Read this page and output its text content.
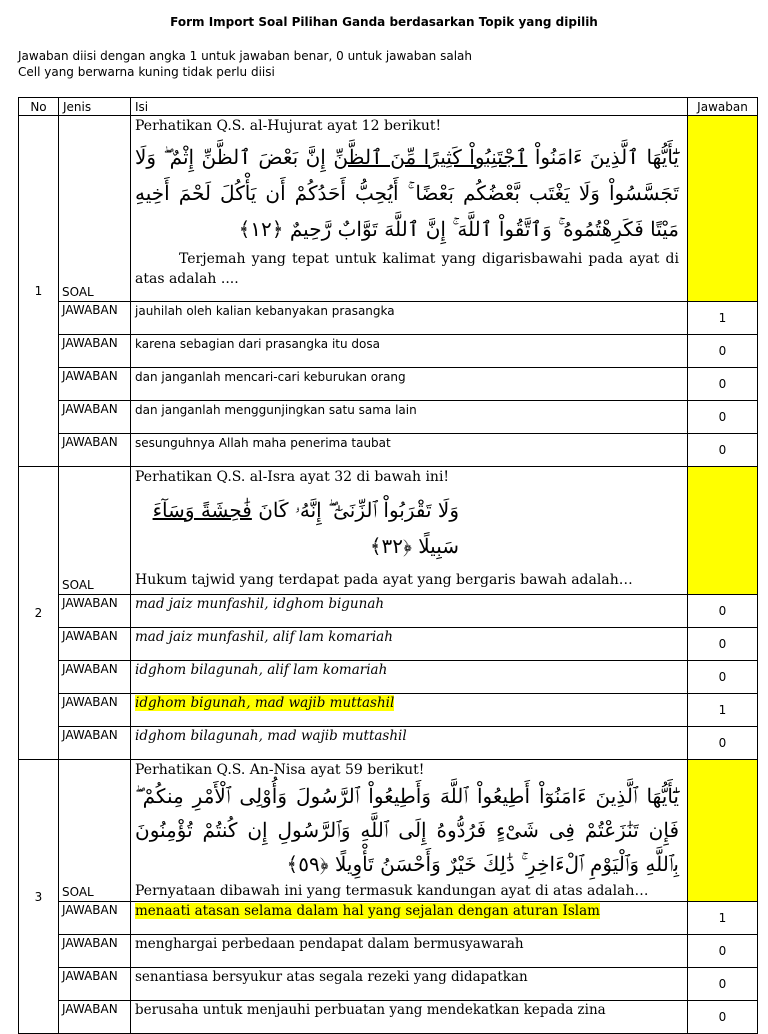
Form Import Soal Pilihan Ganda berdasarkan Topik yang dipilih
Jawaban diisi dengan angka 1 untuk jawaban benar, 0 untuk jawaban salah
Cell yang berwarna kuning tidak perlu diisi
No	Jenis	Isi	Jawaban
1	SOAL	Perhatikan Q.S. al-Hujurat ayat 12 berikut!
يَٰٓأَيُّهَا ٱلَّذِينَ ءَامَنُواْ ٱجْتَنِبُواْ كَثِيرًا مِّنَ ٱلظَّنِّ إِنَّ بَعْضَ ٱلظَّنِّ إِثْمٌ ۖ وَلَا تَجَسَّسُواْ وَلَا يَغْتَب بَّعْضُكُم بَعْضًا ۚ أَيُحِبُّ أَحَدُكُمْ أَن يَأْكُلَ لَحْمَ أَخِيهِ مَيْتًا فَكَرِهْتُمُوهُ ۚ وَٱتَّقُواْ ٱللَّهَ ۚ إِنَّ ٱللَّهَ تَوَّابٌ رَّحِيمٌ ﴿١٢﴾
Terjemah yang tepat untuk kalimat yang digarisbawahi pada ayat di atas adalah ....	

	JAWABAN	jauhilah oleh kalian kebanyakan prasangka	1
	JAWABAN	karena sebagian dari prasangka itu dosa	0
	JAWABAN	dan janganlah mencari-cari keburukan orang	0
	JAWABAN	dan janganlah menggunjingkan satu sama lain	0
	JAWABAN	sesunguhnya Allah maha penerima taubat	0
2	SOAL	Perhatikan Q.S. al-Isra ayat 32 di bawah ini!
وَلَا تَقْرَبُواْ ٱلزِّنَىٰٓ ۖ إِنَّهُۥ كَانَ فَٰحِشَةً وَسَآءَ سَبِيلًا ﴿٣٢﴾
Hukum tajwid yang terdapat pada ayat yang bergaris bawah adalah…	

	JAWABAN	mad jaiz munfashil, idghom bigunah	0
	JAWABAN	mad jaiz munfashil, alif lam komariah	0
	JAWABAN	idghom bilagunah, alif lam komariah	0
	JAWABAN	idghom bigunah, mad wajib muttashil	1
	JAWABAN	idghom bilagunah, mad wajib muttashil	0
3	SOAL	Perhatikan Q.S. An-Nisa ayat 59 berikut!
يَٰٓأَيُّهَا ٱلَّذِينَ ءَامَنُوٓاْ أَطِيعُواْ ٱللَّهَ وَأَطِيعُواْ ٱلرَّسُولَ وَأُوْلِى ٱلْأَمْرِ مِنكُمْ ۖ فَإِن تَنَٰزَعْتُمْ فِى شَىْءٍ فَرُدُّوهُ إِلَى ٱللَّهِ وَٱلرَّسُولِ إِن كُنتُمْ تُؤْمِنُونَ بِٱللَّهِ وَٱلْيَوْمِ ٱلْءَاخِرِ ۚ ذَٰلِكَ خَيْرٌ وَأَحْسَنُ تَأْوِيلًا ﴿٥٩﴾
Pernyataan dibawah ini yang termasuk kandungan ayat di atas adalah…	

	JAWABAN	menaati atasan selama dalam hal yang sejalan dengan aturan Islam	1
	JAWABAN	menghargai perbedaan pendapat dalam bermusyawarah	0
	JAWABAN	senantiasa bersyukur atas segala rezeki yang didapatkan	0
	JAWABAN	berusaha untuk menjauhi perbuatan yang mendekatkan kepada zina	0
